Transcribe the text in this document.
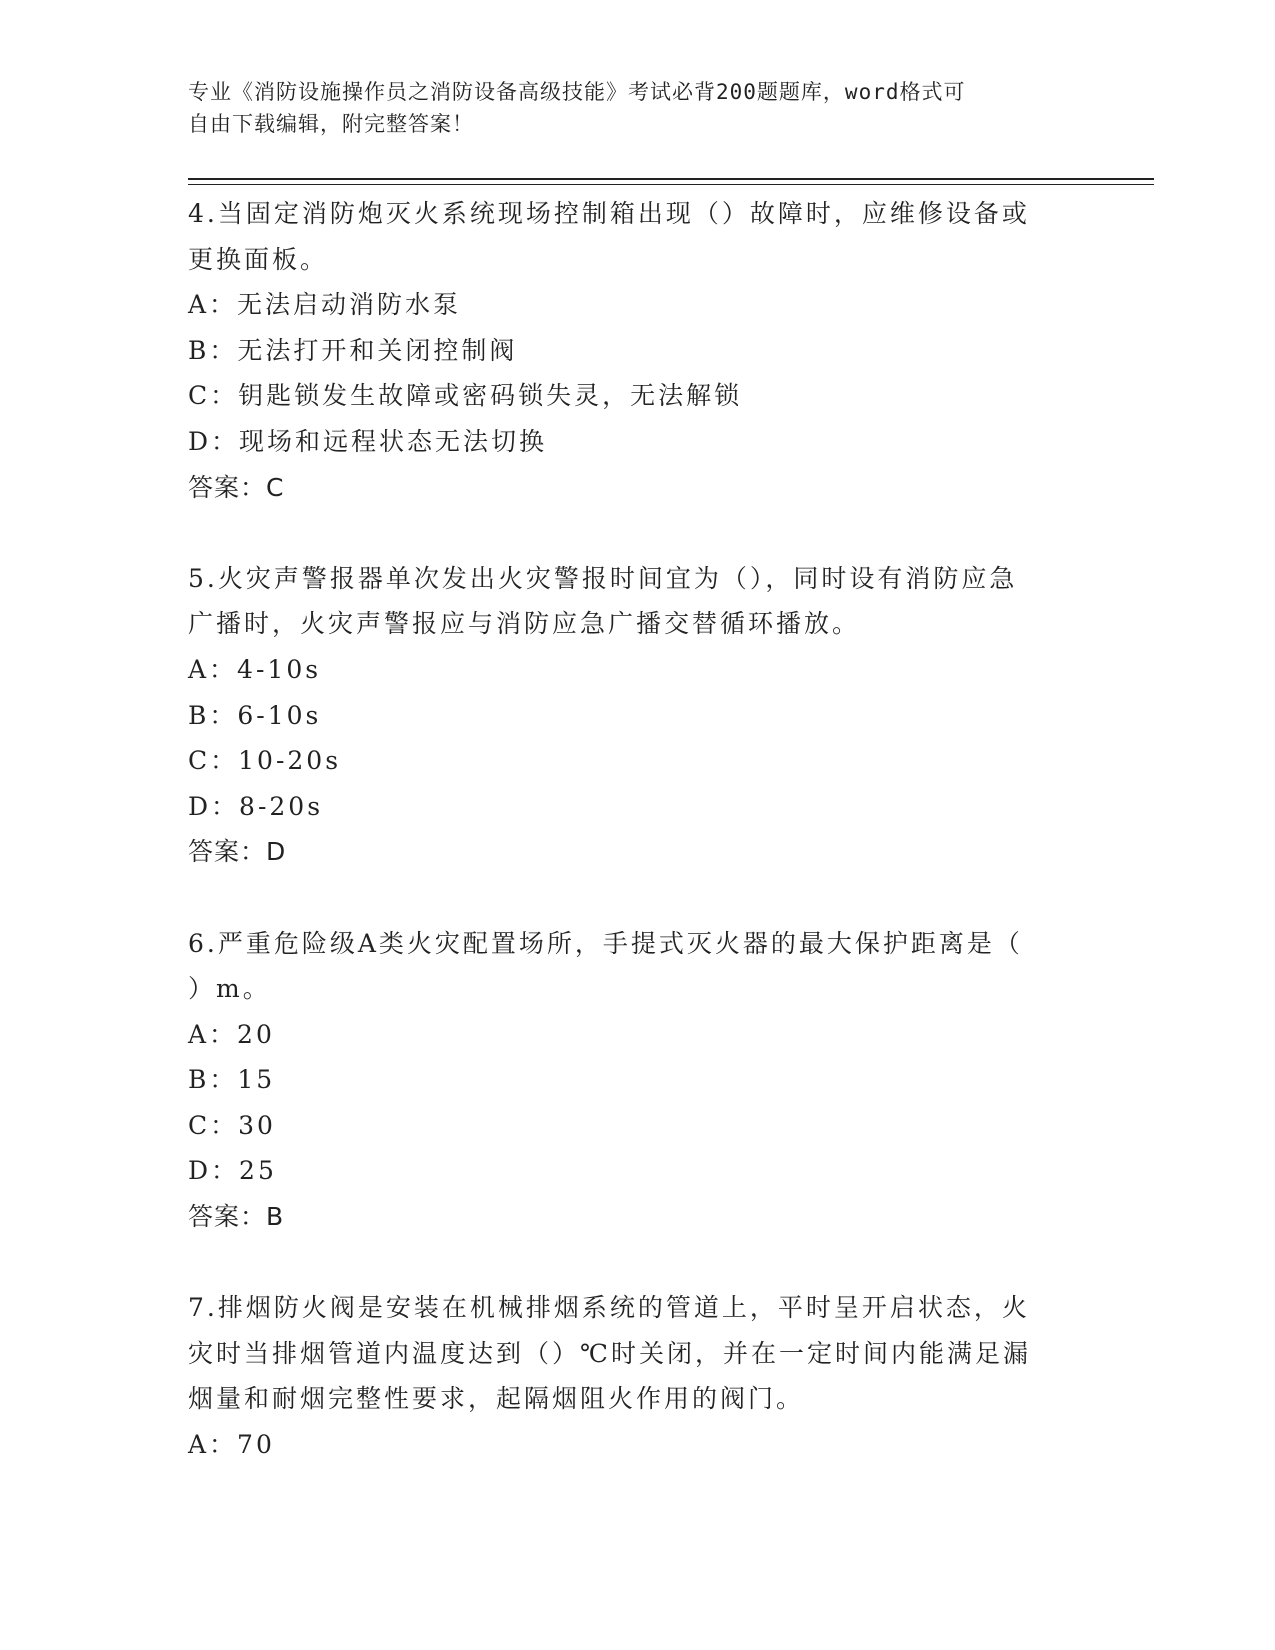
专业《消防设施操作员之消防设备高级技能》考试必背200题题库，word格式可
自由下载编辑，附完整答案！
4.当固定消防炮灭火系统现场控制箱出现（）故障时，应维修设备或
更换面板。
A：无法启动消防水泵
B：无法打开和关闭控制阀
C：钥匙锁发生故障或密码锁失灵，无法解锁
D：现场和远程状态无法切换
答案：C
5.火灾声警报器单次发出火灾警报时间宜为（），同时设有消防应急
广播时，火灾声警报应与消防应急广播交替循环播放。
A：4-10s
B：6-10s
C：10-20s
D：8-20s
答案：D
6.严重危险级A类火灾配置场所，手提式灭火器的最大保护距离是（
）m。
A：20
B：15
C：30
D：25
答案：B
7.排烟防火阀是安装在机械排烟系统的管道上，平时呈开启状态，火
灾时当排烟管道内温度达到（）℃时关闭，并在一定时间内能满足漏
烟量和耐烟完整性要求，起隔烟阻火作用的阀门。
A：70
